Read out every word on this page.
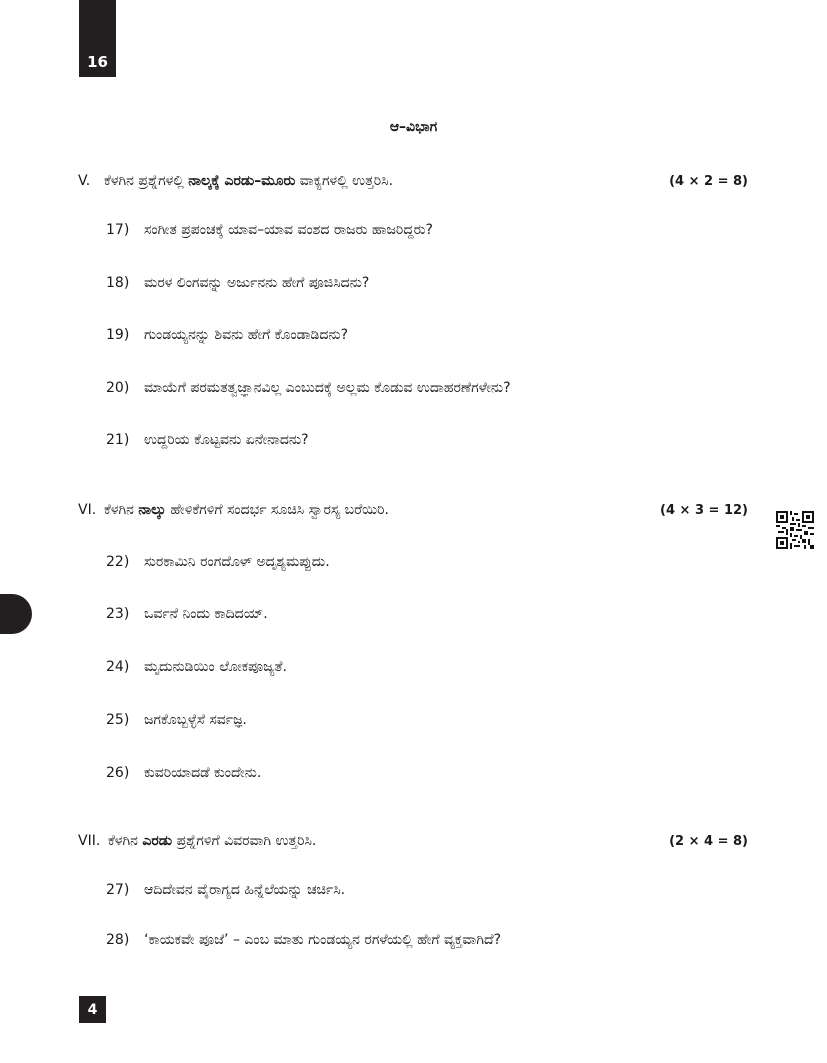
16
ಆ–ವಿಭಾಗ
V. ಕೆಳಗಿನ ಪ್ರಶ್ನೆಗಳಲ್ಲಿ ನಾಲ್ಕಕ್ಕೆ ಎರಡು–ಮೂರು ವಾಕ್ಯಗಳಲ್ಲಿ ಉತ್ತರಿಸಿ.	(4 × 2 = 8)
17)	ಸಂಗೀತ ಪ್ರಪಂಚಕ್ಕೆ ಯಾವ–ಯಾವ ವಂಶದ ರಾಜರು ಹಾಜರಿದ್ದರು?
18)	ಮರಳ ಲಿಂಗವನ್ನು ಅರ್ಜುನನು ಹೇಗೆ ಪೂಜಿಸಿದನು?
19)	ಗುಂಡಯ್ಯನನ್ನು ಶಿವನು ಹೇಗೆ ಕೊಂಡಾಡಿದನು?
20)	ಮಾಯೆಗೆ ಪರಮತತ್ವಜ್ಞಾನವಿಲ್ಲ ಎಂಬುದಕ್ಕೆ ಅಲ್ಲಮ ಕೊಡುವ ಉದಾಹರಣೆಗಳೇನು?
21)	ಉದ್ದರಿಯ ಕೊಟ್ಟವನು ಏನೇನಾದನು?
VI. ಕೆಳಗಿನ ನಾಲ್ಕು ಹೇಳಿಕೆಗಳಿಗೆ ಸಂದರ್ಭ ಸೂಚಿಸಿ ಸ್ವಾರಸ್ಯ ಬರೆಯಿರಿ.	(4 × 3 = 12)
22)	ಸುರಕಾಮಿನಿ ರಂಗದೊಳ್ ಅದೃಶ್ಯಮಪ್ಪುದು.
23)	ಒರ್ವನೆ ನಿಂದು ಕಾದಿದಯ್.
24)	ಮೃದುನುಡಿಯಿಂ ಲೋಕಪೂಜ್ಯತೆ.
25)	ಜಗಕೊಬ್ಬಳ್ಳೆಸೆ ಸರ್ವಜ್ಞ.
26)	ಕುವರಿಯಾದಡೆ ಕುಂದೇನು.
VII. ಕೆಳಗಿನ ಎರಡು ಪ್ರಶ್ನೆಗಳಿಗೆ ವಿವರವಾಗಿ ಉತ್ತರಿಸಿ.	(2 × 4 = 8)
27)	ಆದಿದೇವನ ವೈರಾಗ್ಯದ ಹಿನ್ನೆಲೆಯನ್ನು ಚರ್ಚಿಸಿ.
28)	‘ಕಾಯಕವೇ ಪೂಜೆ’ – ಎಂಬ ಮಾತು ಗುಂಡಯ್ಯನ ರಗಳೆಯಲ್ಲಿ ಹೇಗೆ ವ್ಯಕ್ತವಾಗಿದೆ?
4
